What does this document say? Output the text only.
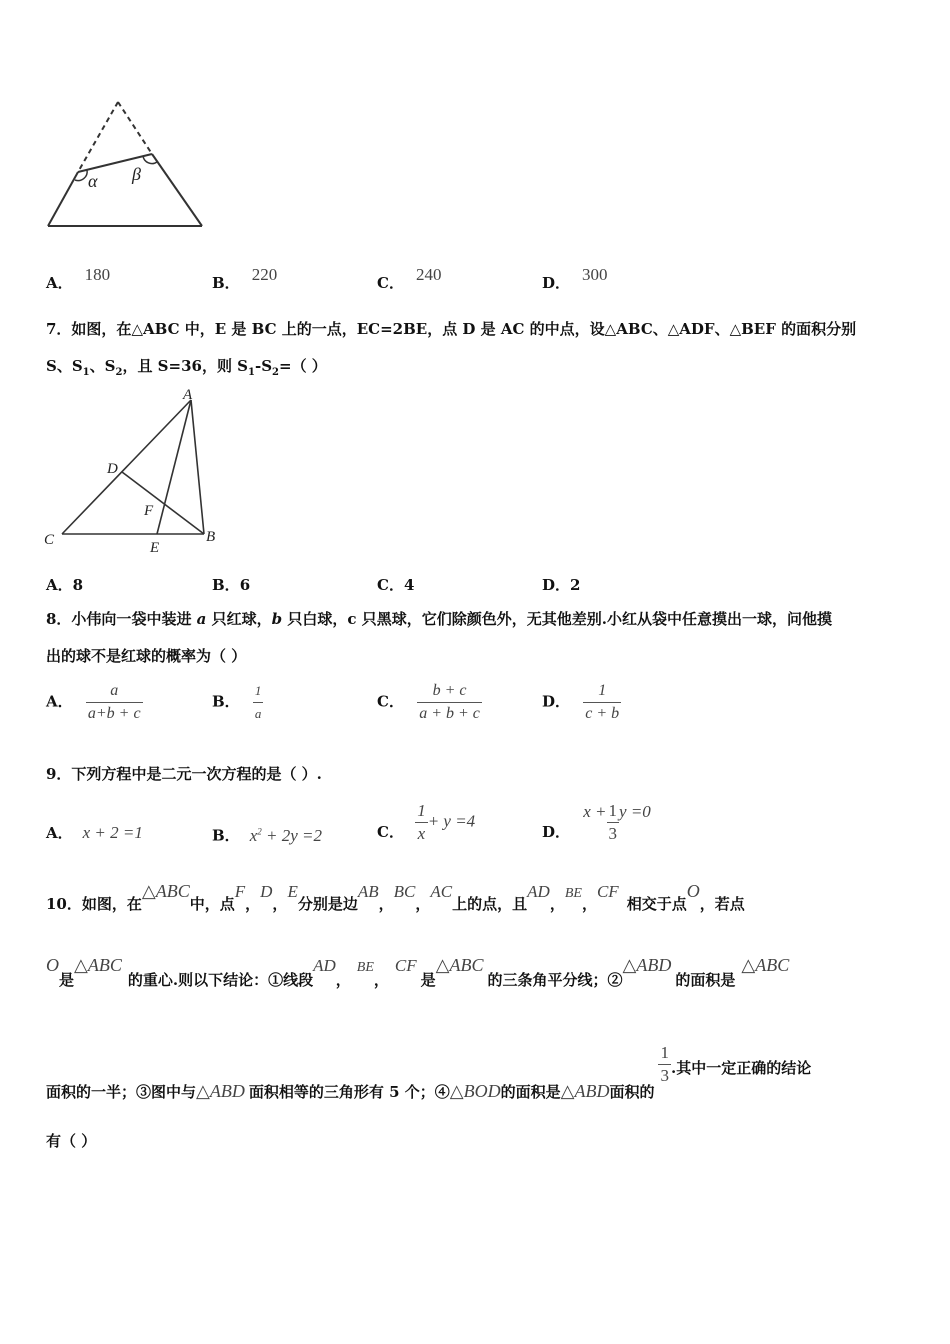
α β
A． 180	B． 220	C． 240	D． 300
7．如图，在△ABC 中，E 是 BC 上的一点，EC=2BE，点 D 是 AC 的中点，设△ABC、△ADF、△BEF 的面积分别
S、$S_1$、$S_2$，且 S=36，则 $S_1-S_2=$（ ）
A
B
C
D
E
F
A．8	B．6	C．4	D．2
8．小伟向一袋中装进 a 只红球，b 只白球，c 只黑球，它们除颜色外，无其他差别.小红从袋中任意摸出一球，问他摸
出的球不是红球的概率为（ ）
A． $\frac{a}{a+b + c}$	B． $\frac{1}{a}$	C． $\frac{b + c}{a + b + c}$	D． $\frac{1}{c + b}$
9．下列方程中是二元一次方程的是（ ）.
A． x + 2 =1	B． $x^2 + 2y =2$	C． $\frac{1}{x} + y =4$
D． $x + \frac{1}{3}$ y =0
10．如图，在△ABC中，点F，D，E分别是边AB，BC，AC上的点，且AD，BE，CF相交于点O，若点
O是△ABC的重心.则以下结论：①线段AD，BE，CF是△ABC的三条角平分线；②△ABD的面积是△ABC
面积的一半；③图中与△ABD 面积相等的三角形有 5 个；④△BOD的面积是△ABD面积的
$\frac{1}{3}$ .其中一定正确的结论
有（ ）
